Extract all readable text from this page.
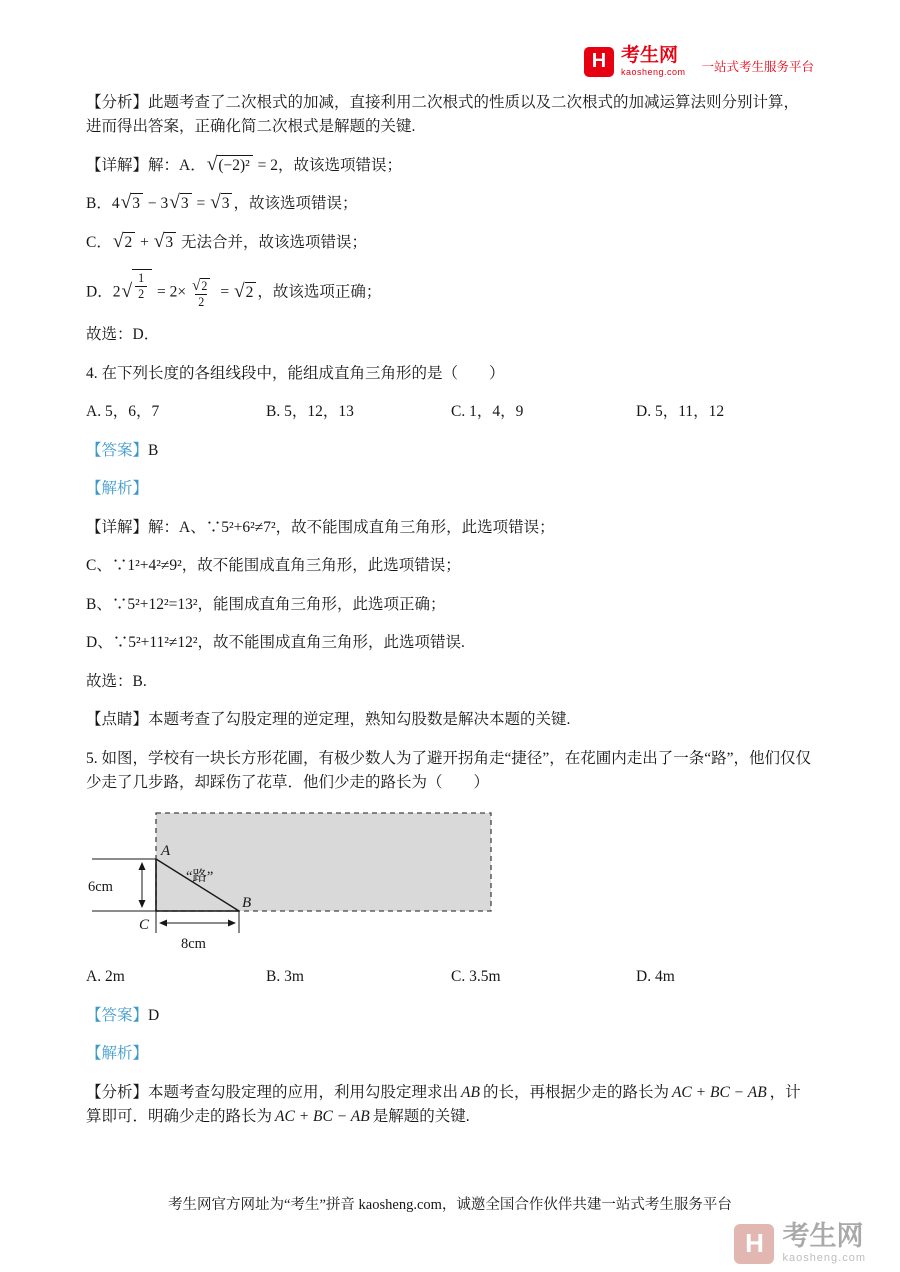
H 考生网
kaosheng.com 一站式考生服务平台

【分析】此题考查了二次根式的加减，直接利用二次根式的性质以及二次根式的加减运算法则分别计算，进而得出答案，正确化简二次根式是解题的关键.

【详解】解：A． √ (−2)² = 2，故该选项错误；

B．4 √ 3 − 3 √ 3 = √ 3 ，故该选项错误；

C． √ 2 + √ 3 无法合并，故该选项错误；

D．2 √ $\frac{1}{2} = 2\times \frac{√ 2}{2}$ = √ 2 ，故该选项正确；

故选：D．

4. 在下列长度的各组线段中，能组成直角三角形的是（　　）

A. 5，6，7	B. 5，12，13	C. 1，4，9	D. 5，11，12

【答案】B

【解析】

【详解】解：A、∵5²+6²≠7²，故不能围成直角三角形，此选项错误；

C、∵1²+4²≠9²，故不能围成直角三角形，此选项错误；

B、∵5²+12²=13²，能围成直角三角形，此选项正确；

D、∵5²+11²≠12²，故不能围成直角三角形，此选项错误.

故选：B.

【点睛】本题考查了勾股定理的逆定理，熟知勾股数是解决本题的关键.

5. 如图，学校有一块长方形花圃，有极少数人为了避开拐角走“捷径”，在花圃内走出了一条“路”，他们仅仅少走了几步路，却踩伤了花草．他们少走的路长为（　　）

A
B
C
“路”
6cm
8cm
A. 2m	B. 3m	C. 3.5m	D. 4m

【答案】D

【解析】

【分析】本题考查勾股定理的应用，利用勾股定理求出 AB 的长，再根据少走的路长为 AC + BC − AB ，计算即可．明确少走的路长为 AC + BC − AB 是解题的关键.

考生网官方网址为“考生”拼音 kaosheng.com，诚邀全国合作伙伴共建一站式考生服务平台

H 考生网
kaosheng.com
